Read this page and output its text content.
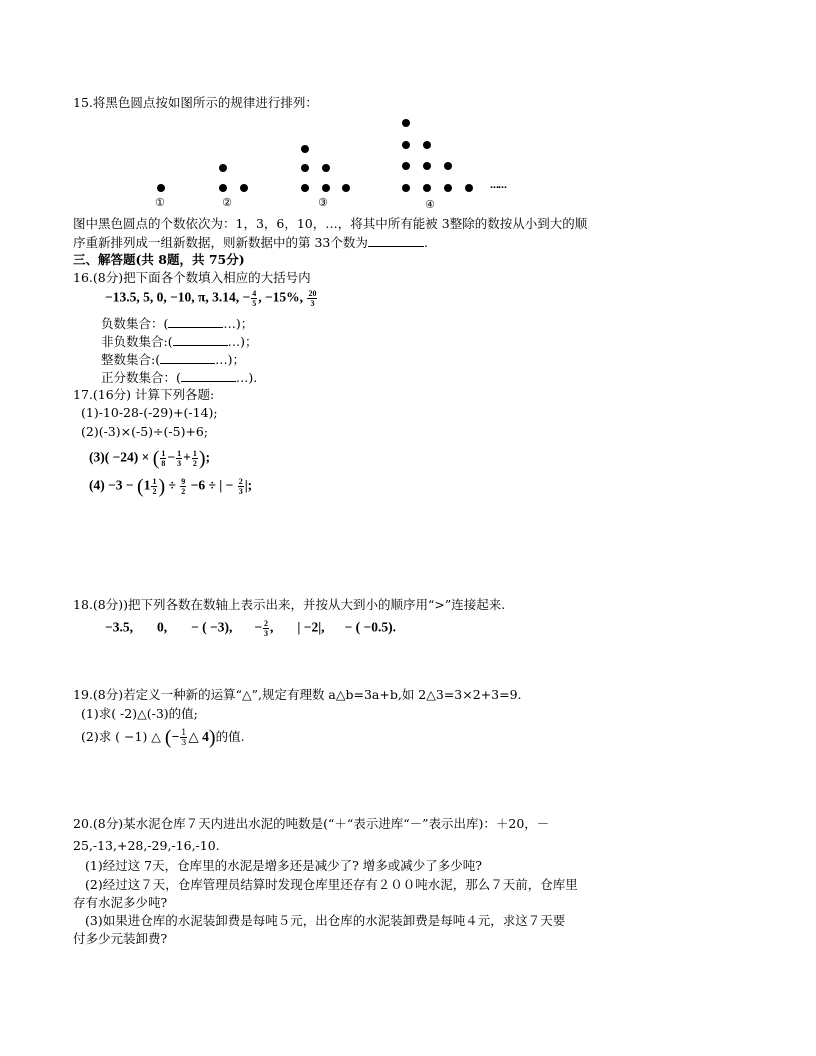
15.将黑色圆点按如图所示的规律进行排列：
①	②	③	④
……
图中黑色圆点的个数依次为：1，3，6，10，…，将其中所有能被 3整除的数按从小到大的顺
序重新排列成一组新数据，则新数据中的第 33个数为	.
三、解答题(共 8题，共 75分)
16.(8分)把下面各个数填入相应的大括号内
−13.5, 5, 0, −10, π, 3.14, − $\frac{4}{5}$ , −15%, $\frac{20}{3}$
负数集合：(	…)；
非负数集合:(	…)；
整数集合:(	…)；
正分数集合：(	…).
17.(16分) 计算下列各题:
(1)-10-28-(-29)+(-14);
(2)(-3)×(-5)÷(-5)+6;
(3)( −24) × ( $\frac{1}{8} - \frac{1}{3} + \frac{1}{2}$ );
$(4) -3 - (1 \frac{1}{2}$ ) ÷ $\frac{9}{2} -6$ ÷ | − $\frac{2}{3}$ |;
18.(8分))把下列各数在数轴上表示出来，并按从大到小的顺序用“>”连接起来.
−3.5, 0, − ( −3), − $\frac{2}{3}$ , | −2|, − ( −0.5).
19.(8分)若定义一种新的运算“△”,规定有理数 a△b=3a+b,如 2△3=3×2+3=9.
(1)求( -2)△(-3)的值;
(2)求 ( −1) △ (− $\frac{1}{3}$ △ 4)的值.
20.(8分)某水泥仓库７天内进出水泥的吨数是(“＋“表示进库“－”表示出库)：＋20，－
25,-13,+28,-29,-16,-10.
(1)经过这 7天，仓库里的水泥是增多还是减少了? 增多或减少了多少吨?
(2)经过这７天，仓库管理员结算时发现仓库里还存有２００吨水泥，那么７天前，仓库里
存有水泥多少吨?
(3)如果进仓库的水泥装卸费是每吨５元，出仓库的水泥装卸费是每吨４元，求这７天要
付多少元装卸费?
